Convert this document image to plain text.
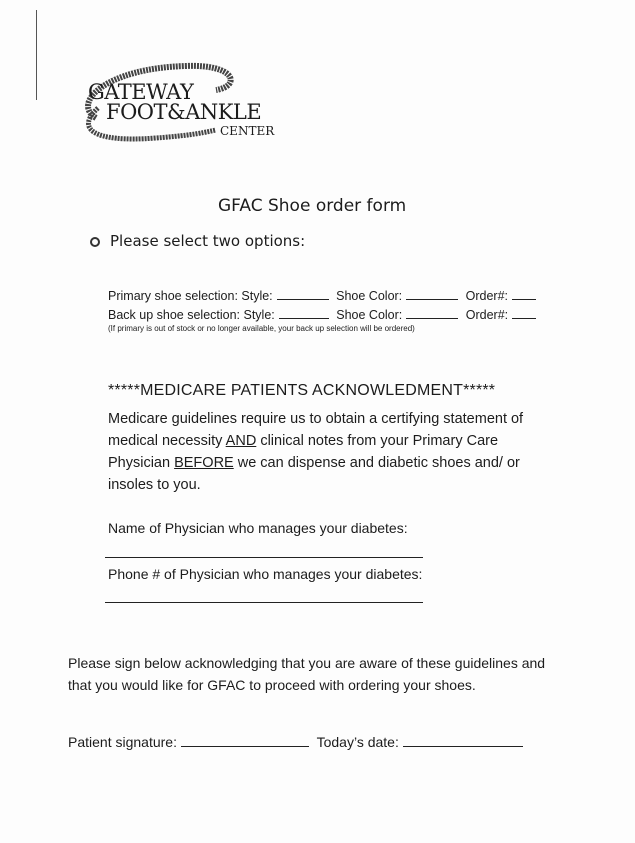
GATEWAY
FOOT&ANKLE
CENTER
GFAC Shoe order form
Please select two options:
Primary shoe selection: Style:	Shoe Color:	Order#:
Back up shoe selection: Style:	Shoe Color:	Order#:
(If primary is out of stock or no longer available, your back up selection will be ordered)
*****MEDICARE PATIENTS ACKNOWLEDMENT*****
Medicare guidelines require us to obtain a certifying statement of medical necessity AND clinical notes from your Primary Care Physician BEFORE we can dispense and diabetic shoes and/ or insoles to you.
Name of Physician who manages your diabetes:
Phone # of Physician who manages your diabetes:
Please sign below acknowledging that you are aware of these guidelines and that you would like for GFAC to proceed with ordering your shoes.
Patient signature:	Today’s date:
